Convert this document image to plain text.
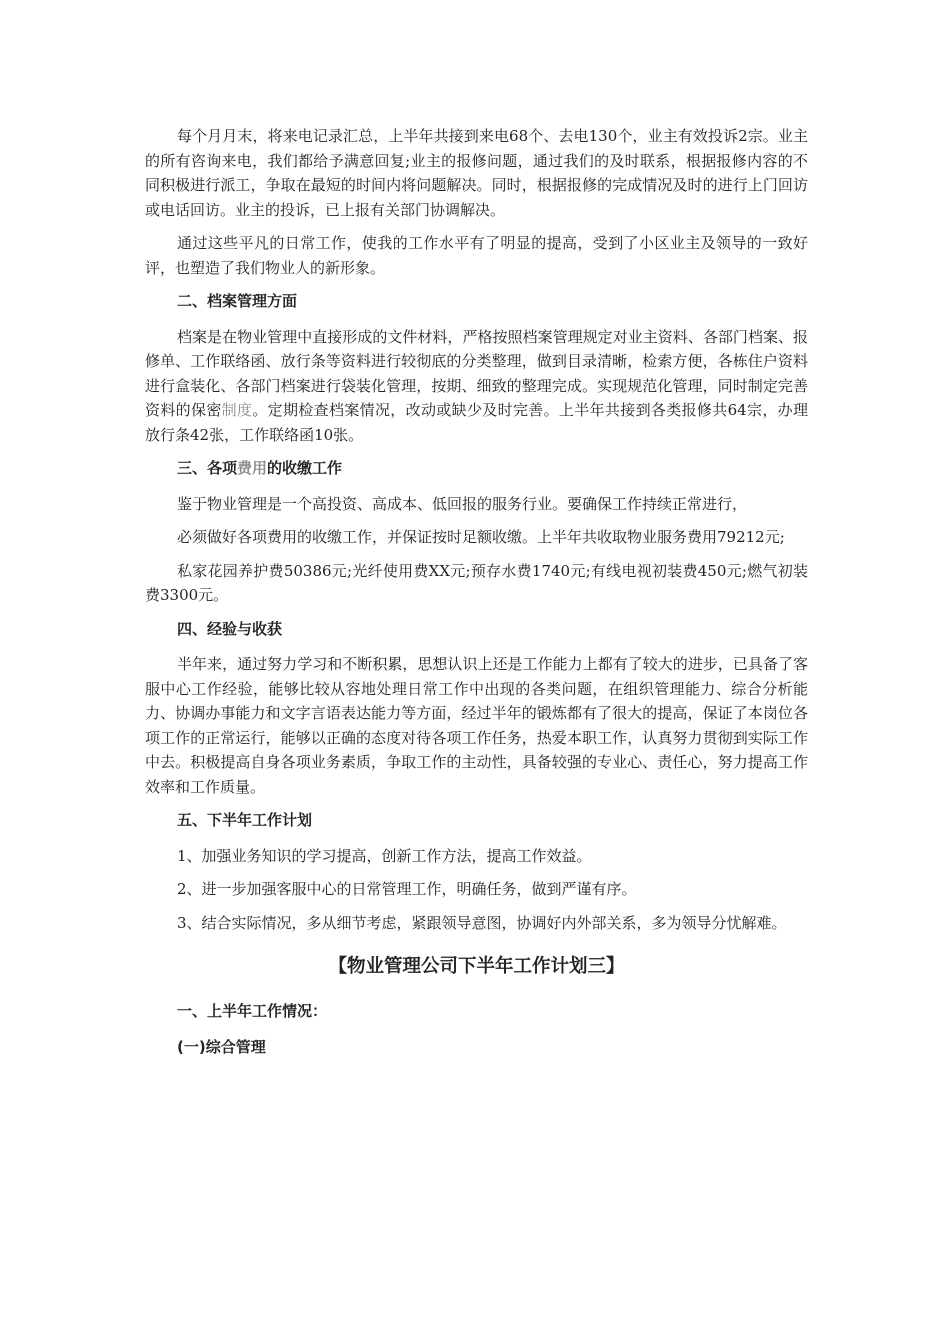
每个月月末，将来电记录汇总，上半年共接到来电68个、去电130个，业主有效投诉2宗。业主的所有咨询来电，我们都给予满意回复;业主的报修问题，通过我们的及时联系，根据报修内容的不同积极进行派工，争取在最短的时间内将问题解决。同时，根据报修的完成情况及时的进行上门回访或电话回访。业主的投诉，已上报有关部门协调解决。

通过这些平凡的日常工作，使我的工作水平有了明显的提高，受到了小区业主及领导的一致好评，也塑造了我们物业人的新形象。

二、档案管理方面

档案是在物业管理中直接形成的文件材料，严格按照档案管理规定对业主资料、各部门档案、报修单、工作联络函、放行条等资料进行较彻底的分类整理，做到目录清晰，检索方便，各栋住户资料进行盒装化、各部门档案进行袋装化管理，按期、细致的整理完成。实现规范化管理，同时制定完善资料的保密制度。定期检查档案情况，改动或缺少及时完善。上半年共接到各类报修共64宗，办理放行条42张，工作联络函10张。

三、各项费用的收缴工作

鉴于物业管理是一个高投资、高成本、低回报的服务行业。要确保工作持续正常进行，

必须做好各项费用的收缴工作，并保证按时足额收缴。上半年共收取物业服务费用79212元;

私家花园养护费50386元;光纤使用费XX元;预存水费1740元;有线电视初装费450元;燃气初装费3300元。

四、经验与收获

半年来，通过努力学习和不断积累，思想认识上还是工作能力上都有了较大的进步，已具备了客服中心工作经验，能够比较从容地处理日常工作中出现的各类问题，在组织管理能力、综合分析能力、协调办事能力和文字言语表达能力等方面，经过半年的锻炼都有了很大的提高，保证了本岗位各项工作的正常运行，能够以正确的态度对待各项工作任务，热爱本职工作，认真努力贯彻到实际工作中去。积极提高自身各项业务素质，争取工作的主动性，具备较强的专业心、责任心，努力提高工作效率和工作质量。

五、下半年工作计划

1、加强业务知识的学习提高，创新工作方法，提高工作效益。

2、进一步加强客服中心的日常管理工作，明确任务，做到严谨有序。

3、结合实际情况，多从细节考虑，紧跟领导意图，协调好内外部关系，多为领导分忧解难。

【物业管理公司下半年工作计划三】

一、上半年工作情况：

(一)综合管理
